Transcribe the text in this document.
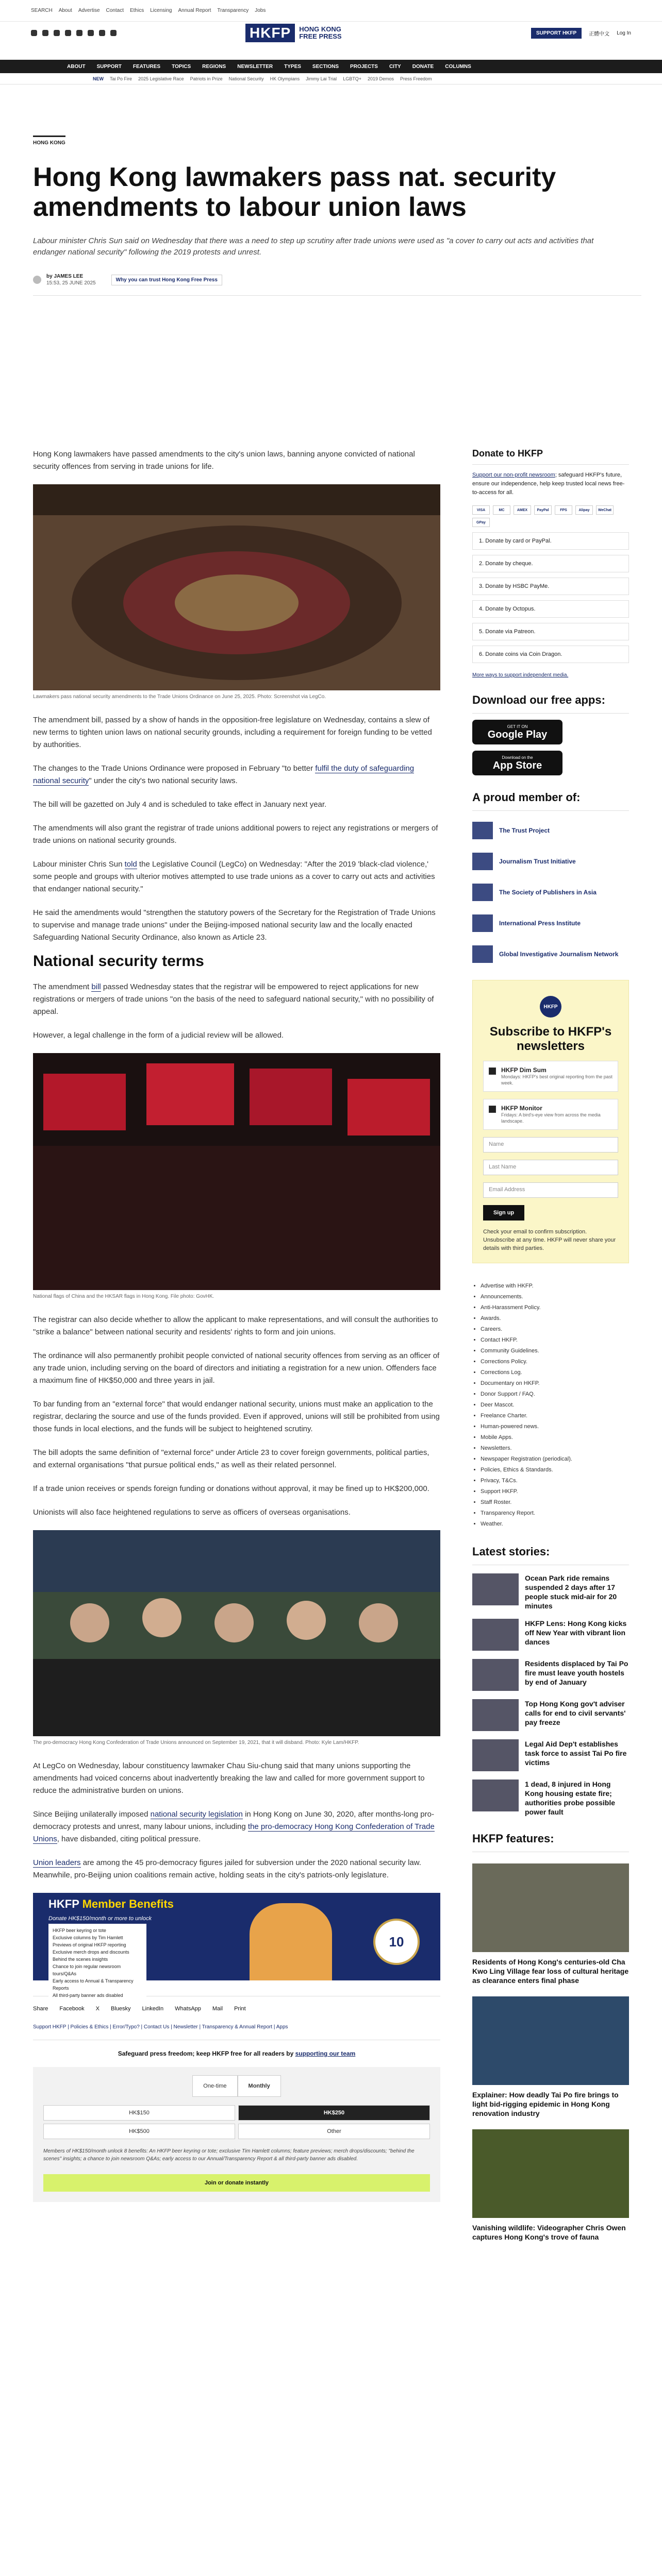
SEARCH About Advertise Contact Ethics Licensing Annual Report Transparency Jobs
HKFP	HONG KONG
FREE PRESS	SUPPORT HKFP	正體中文 Log In
ABOUT SUPPORT FEATURES TOPICS REGIONS NEWSLETTER TYPES SECTIONS PROJECTS CITY DONATE COLUMNS
NEW Tai Po Fire 2025 Legislative Race Patriots in Prize National Security HK Olympians Jimmy Lai Trial LGBTQ+ 2019 Demos Press Freedom
HONG KONG
Hong Kong lawmakers pass nat. security amendments to labour union laws

Labour minister Chris Sun said on Wednesday that there was a need to step up scrutiny after trade unions were used as "a cover to carry out acts and activities that endanger national security" following the 2019 protests and unrest.

by JAMES LEE
15:53, 25 JUNE 2025
Why you can trust Hong Kong Free Press

Hong Kong lawmakers have passed amendments to the city's union laws, banning anyone convicted of national security offences from serving in trade unions for life.

Lawmakers pass national security amendments to the Trade Unions Ordinance on June 25, 2025. Photo: Screenshot via LegCo.

The amendment bill, passed by a show of hands in the opposition-free legislature on Wednesday, contains a slew of new terms to tighten union laws on national security grounds, including a requirement for foreign funding to be vetted by authorities.

The changes to the Trade Unions Ordinance were proposed in February "to better fulfil the duty of safeguarding national security" under the city's two national security laws.

The bill will be gazetted on July 4 and is scheduled to take effect in January next year.

The amendments will also grant the registrar of trade unions additional powers to reject any registrations or mergers of trade unions on national security grounds.

Labour minister Chris Sun told the Legislative Council (LegCo) on Wednesday: "After the 2019 'black-clad violence,' some people and groups with ulterior motives attempted to use trade unions as a cover to carry out acts and activities that endanger national security."

He said the amendments would "strengthen the statutory powers of the Secretary for the Registration of Trade Unions to supervise and manage trade unions" under the Beijing-imposed national security law and the locally enacted Safeguarding National Security Ordinance, also known as Article 23.

National security terms

The amendment bill passed Wednesday states that the registrar will be empowered to reject applications for new registrations or mergers of trade unions "on the basis of the need to safeguard national security," with no possibility of appeal.

However, a legal challenge in the form of a judicial review will be allowed.

National flags of China and the HKSAR flags in Hong Kong. File photo: GovHK.

The registrar can also decide whether to allow the applicant to make representations, and will consult the authorities to "strike a balance" between national security and residents' rights to form and join unions.

The ordinance will also permanently prohibit people convicted of national security offences from serving as an officer of any trade union, including serving on the board of directors and initiating a registration for a new union. Offenders face a maximum fine of HK$50,000 and three years in jail.

To bar funding from an "external force" that would endanger national security, unions must make an application to the registrar, declaring the source and use of the funds provided. Even if approved, unions will still be prohibited from using those funds in local elections, and the funds will be subject to heightened scrutiny.

The bill adopts the same definition of "external force" under Article 23 to cover foreign governments, political parties, and external organisations "that pursue political ends," as well as their related personnel.

If a trade union receives or spends foreign funding or donations without approval, it may be fined up to HK$200,000.

Unionists will also face heightened regulations to serve as officers of overseas organisations.

The pro-democracy Hong Kong Confederation of Trade Unions announced on September 19, 2021, that it will disband. Photo: Kyle Lam/HKFP.

At LegCo on Wednesday, labour constituency lawmaker Chau Siu-chung said that many unions supporting the amendments had voiced concerns about inadvertently breaking the law and called for more government support to reduce the administrative burden on unions.

Since Beijing unilaterally imposed national security legislation in Hong Kong on June 30, 2020, after months-long pro-democracy protests and unrest, many labour unions, including the pro-democracy Hong Kong Confederation of Trade Unions, have disbanded, citing political pressure.

Union leaders are among the 45 pro-democracy figures jailed for subversion under the 2020 national security law. Meanwhile, pro-Beijing union coalitions remain active, holding seats in the city's patriots-only legislature.

HKFP Member Benefits
Donate HK$150/month or more to unlock
HKFP beer keyring or tote
Exclusive columns by Tim Hamlett
Previews of original HKFP reporting
Exclusive merch drops and discounts
Behind the scenes insights
Chance to join regular newsroom tours/Q&As
Early access to Annual & Transparency Reports
All third-party banner ads disabled
10
Share Facebook X Bluesky LinkedIn WhatsApp Mail Print
Support HKFP | Policies & Ethics | Error/Typo? | Contact Us | Newsletter | Transparency & Annual Report | Apps
Safeguard press freedom; keep HKFP free for all readers by supporting our team
One-time	Monthly
HK$150	HK$250
HK$500	Other

Members of HK$150/month unlock 8 benefits: An HKFP beer keyring or tote; exclusive Tim Hamlett columns; feature previews; merch drops/discounts; "behind the scenes" insights; a chance to join newsroom Q&As; early access to our Annual/Transparency Report & all third-party banner ads disabled.

Join or donate instantly
Donate to HKFP
Support our non-profit newsroom; safeguard HKFP's future, ensure our independence, help keep trusted local news free-to-access for all.
VISA	MC	AMEX	PayPal	FPS	Alipay	WeChat
GPay
1. Donate by card or PayPal.
2. Donate by cheque.
3. Donate by HSBC PayMe.
4. Donate by Octopus.
5. Donate via Patreon.
6. Donate coins via Coin Dragon.
More ways to support independent media.
Download our free apps:
GET IT ON
Google Play
Download on the
App Store
A proud member of:
The Trust Project
Journalism Trust Initiative
The Society of Publishers in Asia
International Press Institute
Global Investigative Journalism Network
HKFP
Subscribe to HKFP's newsletters
HKFP Dim Sum
Mondays: HKFP's best original reporting from the past week.
HKFP Monitor
Fridays: A bird's-eye view from across the media landscape.
Name
Last Name
Email Address
Sign up
Check your email to confirm subscription. Unsubscribe at any time. HKFP will never share your details with third parties.
• Advertise with HKFP.
• Announcements.
• Anti-Harassment Policy.
• Awards.
• Careers.
• Contact HKFP.
• Community Guidelines.
• Corrections Policy.
• Corrections Log.
• Documentary on HKFP.
• Donor Support / FAQ.
• Deer Mascot.
• Freelance Charter.
• Human-powered news.
• Mobile Apps.
• Newsletters.
• Newspaper Registration (periodical).
• Policies, Ethics & Standards.
• Privacy, T&Cs.
• Support HKFP.
• Staff Roster.
• Transparency Report.
• Weather.
Latest stories:
Ocean Park ride remains suspended 2 days after 17 people stuck mid-air for 20 minutes
HKFP Lens: Hong Kong kicks off New Year with vibrant lion dances
Residents displaced by Tai Po fire must leave youth hostels by end of January
Top Hong Kong gov't adviser calls for end to civil servants' pay freeze
Legal Aid Dep't establishes task force to assist Tai Po fire victims
1 dead, 8 injured in Hong Kong housing estate fire; authorities probe possible power fault
HKFP features:

Residents of Hong Kong's centuries-old Cha Kwo Ling Village fear loss of cultural heritage as clearance enters final phase

Explainer: How deadly Tai Po fire brings to light bid-rigging epidemic in Hong Kong renovation industry

Vanishing wildlife: Videographer Chris Owen captures Hong Kong's trove of fauna
